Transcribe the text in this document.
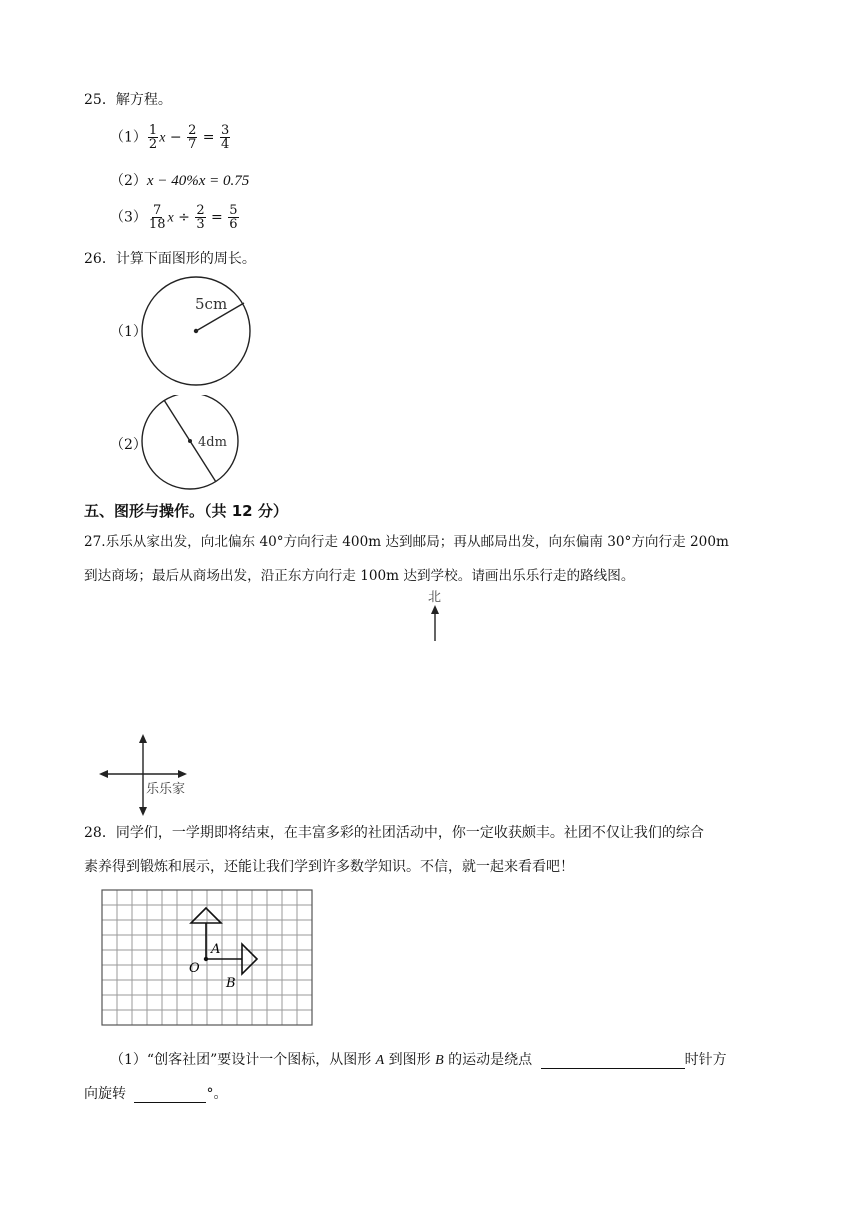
25．解方程。
$(1) \frac{1}{2}$ $x - \frac{2}{7} = \frac{3}{4}$
（2）x − 40%x = 0.75
$(3) \frac{7}{18}$ $x \div \frac{2}{3} = \frac{5}{6}$
26．计算下面图形的周长。
（1）
5cm
（2）	4dm
五、图形与操作。（共 12 分）
27.乐乐从家出发，向北偏东 40°方向行走 400m 达到邮局；再从邮局出发，向东偏南 30°方向行走 200m
到达商场；最后从商场出发，沿正东方向行走 100m 达到学校。请画出乐乐行走的路线图。
北
乐乐家
28．同学们，一学期即将结束，在丰富多彩的社团活动中，你一定收获颇丰。社团不仅让我们的综合
素养得到锻炼和展示，还能让我们学到许多数学知识。不信，就一起来看看吧！
A
O
B
（1）“创客社团”要设计一个图标，从图形 A 到图形 B 的运动是绕点	时针方
向旋转	°。
